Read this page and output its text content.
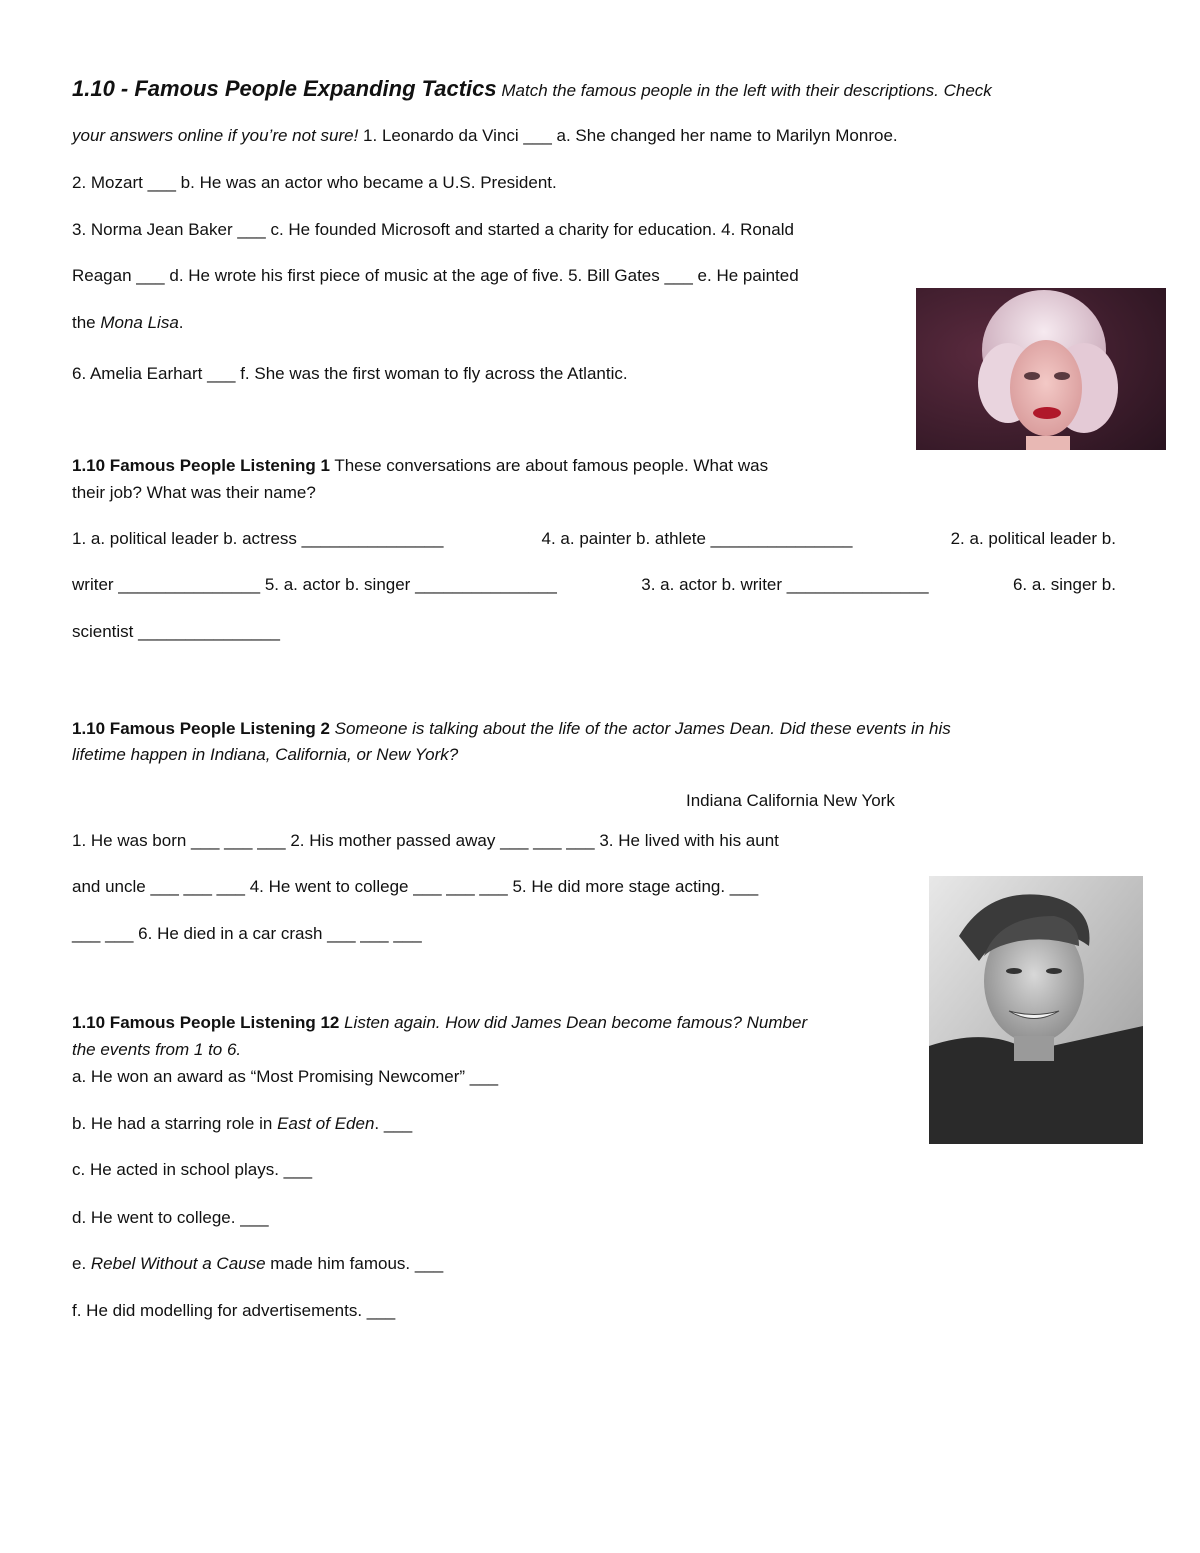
1.10 - Famous People Expanding Tactics Match the famous people in the left with their descriptions. Check
your answers online if you’re not sure! 1. Leonardo da Vinci ___ a. She changed her name to Marilyn Monroe.
2. Mozart ___ b. He was an actor who became a U.S. President.
3. Norma Jean Baker ___ c. He founded Microsoft and started a charity for education. 4. Ronald
Reagan ___ d. He wrote his first piece of music at the age of five. 5. Bill Gates ___ e. He painted
the Mona Lisa.
6. Amelia Earhart ___ f. She was the first woman to fly across the Atlantic.
1.10 Famous People Listening 1 These conversations are about famous people. What was
their job? What was their name?
1. a. political leader b. actress _______________	4. a. painter b. athlete _______________	2. a. political leader b.
writer _______________ 5. a. actor b. singer _______________	3. a. actor b. writer _______________	6. a. singer b.
scientist _______________
1.10 Famous People Listening 2 Someone is talking about the life of the actor James Dean. Did these events in his
lifetime happen in Indiana, California, or New York?
Indiana California New York
1. He was born ___ ___ ___ 2. His mother passed away ___ ___ ___ 3. He lived with his aunt
and uncle ___ ___ ___ 4. He went to college ___ ___ ___ 5. He did more stage acting. ___
___ ___ 6. He died in a car crash ___ ___ ___
1.10 Famous People Listening 12 Listen again. How did James Dean become famous? Number
the events from 1 to 6.
a. He won an award as “Most Promising Newcomer” ___
b. He had a starring role in East of Eden. ___
c. He acted in school plays. ___
d. He went to college. ___
e. Rebel Without a Cause made him famous. ___
f. He did modelling for advertisements. ___
